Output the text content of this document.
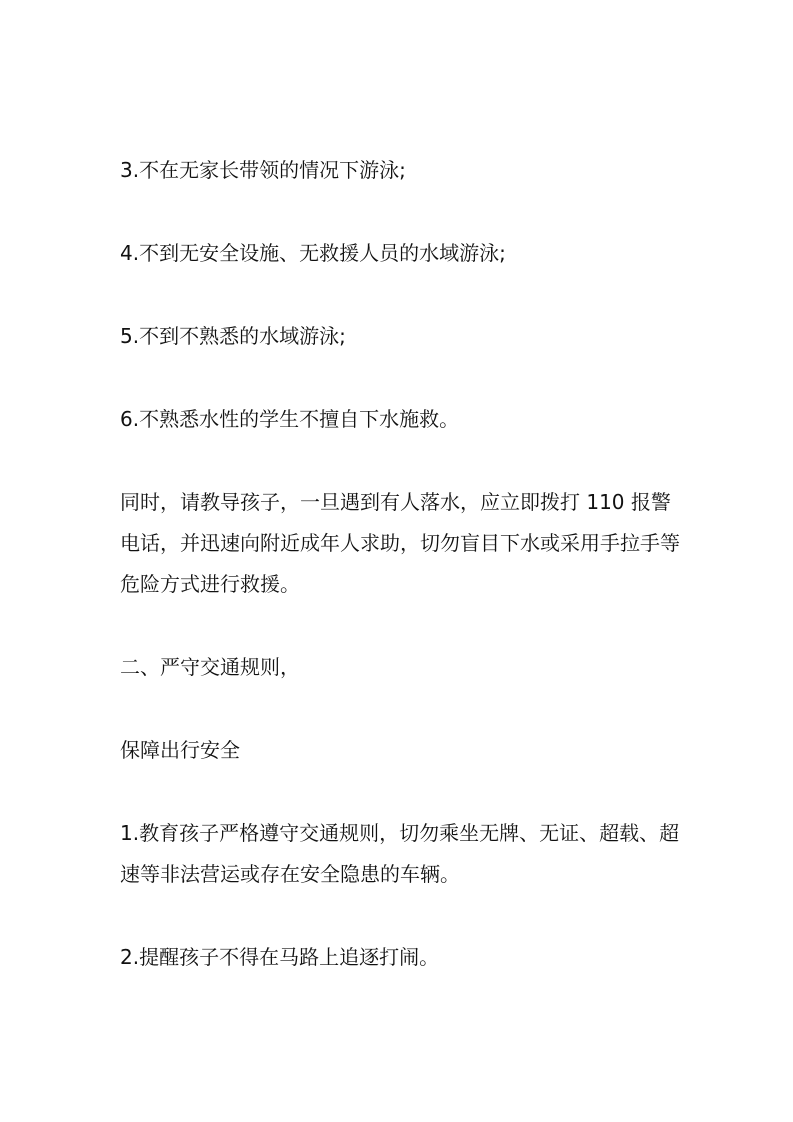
3.不在无家长带领的情况下游泳;

4.不到无安全设施、无救援人员的水域游泳;

5.不到不熟悉的水域游泳;

6.不熟悉水性的学生不擅自下水施救。

同时，请教导孩子，一旦遇到有人落水，应立即拨打 110 报警电话，并迅速向附近成年人求助，切勿盲目下水或采用手拉手等危险方式进行救援。

二、严守交通规则，

保障出行安全

1.教育孩子严格遵守交通规则，切勿乘坐无牌、无证、超载、超速等非法营运或存在安全隐患的车辆。

2.提醒孩子不得在马路上追逐打闹。
